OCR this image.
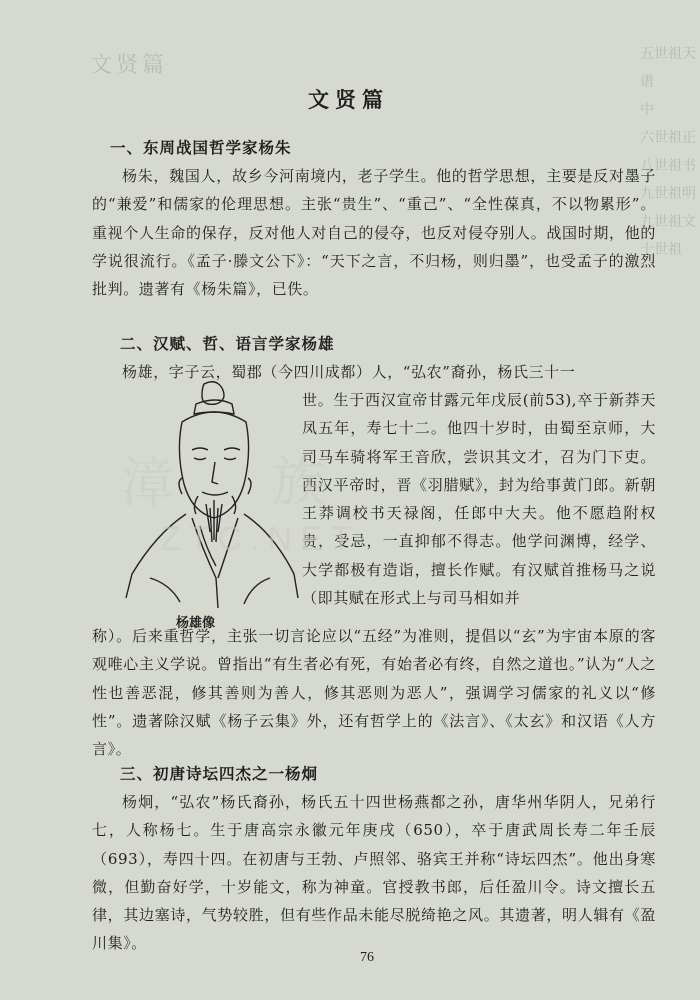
文贤篇	五世祖天
谱
中
六世祖正
八世祖书
九世祖明
九世祖文
十世祖
文贤篇
一、东周战国哲学家杨朱

杨朱，魏国人，故乡今河南境内，老子学生。他的哲学思想，主要是反对墨子的“兼爱”和儒家的伦理思想。主张“贵生”、“重己”、“全性葆真，不以物累形”。重视个人生命的保存，反对他人对自己的侵夺，也反对侵夺别人。战国时期，他的学说很流行。《孟子·滕文公下》：“天下之言，不归杨，则归墨”，也受孟子的激烈批判。遗著有《杨朱篇》，已佚。

二、汉赋、哲、语言学家杨雄

杨雄，字子云，蜀郡（今四川成都）人，“弘农”裔孙，杨氏三十一

杨雄像

世。生于西汉宣帝甘露元年戊辰(前53),卒于新莽天凤五年，寿七十二。他四十岁时，由蜀至京师，大司马车骑将军王音欣，尝识其文才，召为门下吏。西汉平帝时，晋《羽腊赋》，封为给事黄门郎。新朝王莽调校书天禄阁，任郎中大夫。他不愿趋附权贵，受忌，一直抑郁不得志。他学问渊博，经学、大学都极有造诣，擅长作赋。有汉赋首推杨马之说（即其赋在形式上与司马相如并

称）。后来重哲学，主张一切言论应以“五经”为准则，提倡以“玄”为宇宙本原的客观唯心主义学说。曾指出“有生者必有死，有始者必有终，自然之道也。”认为“人之性也善恶混，修其善则为善人，修其恶则为恶人”，强调学习儒家的礼义以“修性”。遗著除汉赋《杨子云集》外，还有哲学上的《法言》、《太玄》和汉语《人方言》。

三、初唐诗坛四杰之一杨炯

杨炯，“弘农”杨氏裔孙，杨氏五十四世杨燕都之孙，唐华州华阴人，兄弟行七，人称杨七。生于唐高宗永徽元年庚戌（650），卒于唐武周长寿二年壬辰（693），寿四十四。在初唐与王勃、卢照邻、骆宾王并称“诗坛四杰”。他出身寒微，但勤奋好学，十岁能文，称为神童。官授教书郎，后任盈川令。诗文擅长五律，其边塞诗，气势较胜，但有些作品未能尽脱绮艳之风。其遗著，明人辑有《盈川集》。

漳　族
ZTC.NET
76
